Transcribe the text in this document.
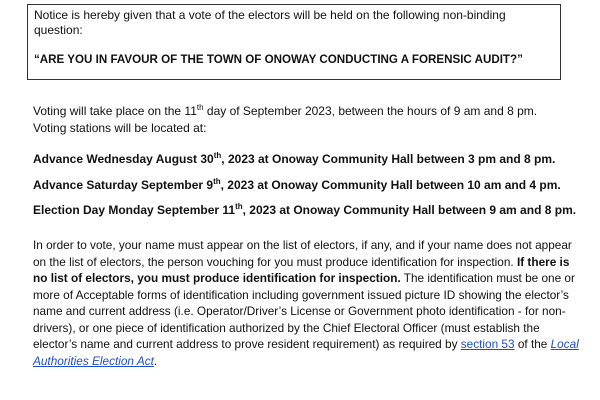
Notice is hereby given that a vote of the electors will be held on the following non-binding question:
“ARE YOU IN FAVOUR OF THE TOWN OF ONOWAY CONDUCTING A FORENSIC AUDIT?”
Voting will take place on the 11th day of September 2023, between the hours of 9 am and 8 pm. Voting stations will be located at:
Advance Wednesday August 30th, 2023 at Onoway Community Hall between 3 pm and 8 pm.
Advance Saturday September 9th, 2023 at Onoway Community Hall between 10 am and 4 pm.
Election Day Monday September 11th, 2023 at Onoway Community Hall between 9 am and 8 pm.
In order to vote, your name must appear on the list of electors, if any, and if your name does not appear on the list of electors, the person vouching for you must produce identification for inspection. If there is no list of electors, you must produce identification for inspection. The identification must be one or more of Acceptable forms of identification including government issued picture ID showing the elector’s name and current address (i.e. Operator/Driver’s License or Government photo identification - for non-drivers), or one piece of identification authorized by the Chief Electoral Officer (must establish the elector’s name and current address to prove resident requirement) as required by section 53 of the Local Authorities Election Act.
